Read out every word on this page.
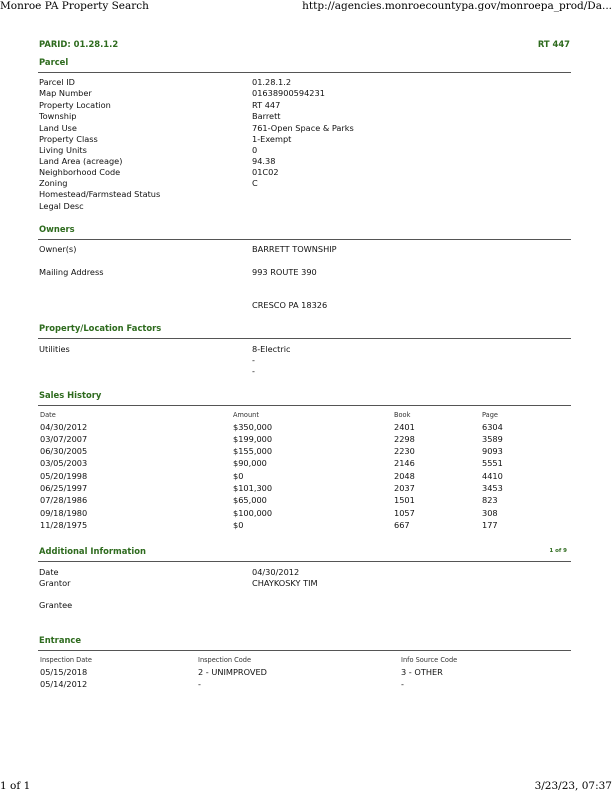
Monroe PA Property Search	http://agencies.monroecountypa.gov/monroepa_prod/Da...
1 of 1	3/23/23, 07:37
PARID: 01.28.1.2	RT 447
Parcel
Parcel ID	01.28.1.2
Map Number	01638900594231
Property Location	RT 447
Township	Barrett
Land Use	761-Open Space & Parks
Property Class	1-Exempt
Living Units	0
Land Area (acreage)	94.38
Neighborhood Code	01C02
Zoning	C
Homestead/Farmstead Status
Legal Desc
Owners
Owner(s)	BARRETT TOWNSHIP
Mailing Address	993 ROUTE 390
CRESCO PA 18326
Property/Location Factors
Utilities	8-Electric
-
-
Sales History
Date	Amount	Book	Page
04/30/2012	$350,000	2401	6304
03/07/2007	$199,000	2298	3589
06/30/2005	$155,000	2230	9093
03/05/2003	$90,000	2146	5551
05/20/1998	$0	2048	4410
06/25/1997	$101,300	2037	3453
07/28/1986	$65,000	1501	823
09/18/1980	$100,000	1057	308
11/28/1975	$0	667	177
Additional Information	1 of 9
Date	04/30/2012
Grantor	CHAYKOSKY TIM
Grantee
Entrance
Inspection Date	Inspection Code	Info Source Code
05/15/2018	2 - UNIMPROVED	3 - OTHER
05/14/2012	-	-
